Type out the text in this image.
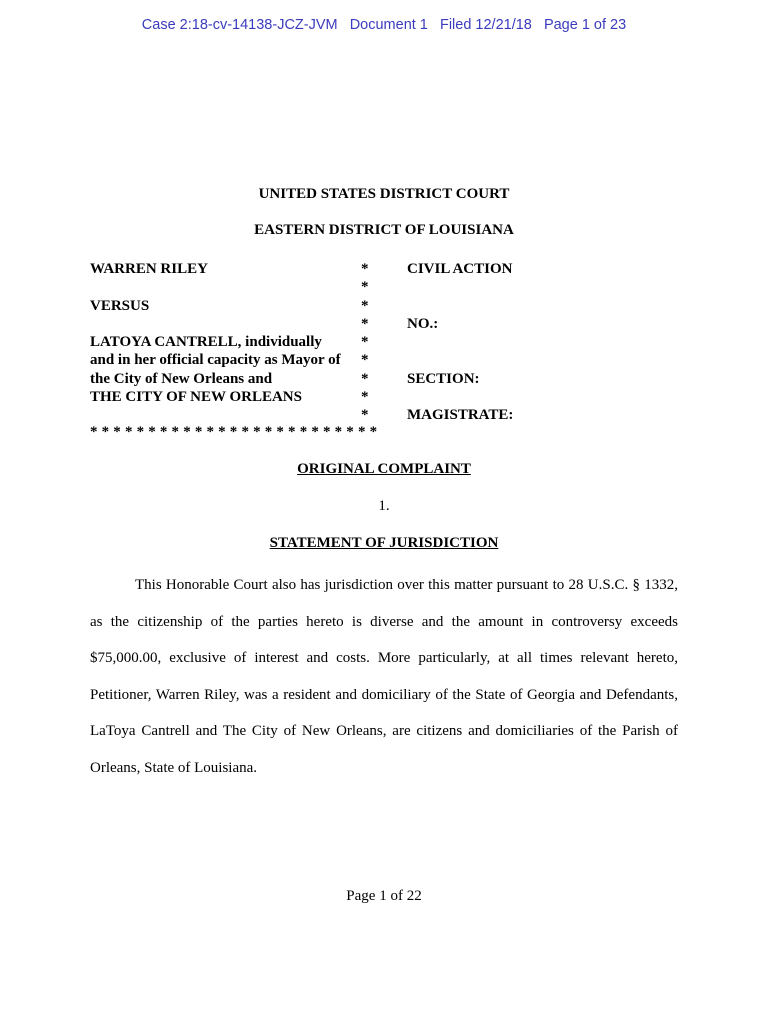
Case 2:18-cv-14138-JCZ-JVM   Document 1   Filed 12/21/18   Page 1 of 23
UNITED STATES DISTRICT COURT
EASTERN DISTRICT OF LOUISIANA
WARREN RILEY
VERSUS
LATOYA CANTRELL, individually
and in her official capacity as Mayor of
the City of New Orleans and
THE CITY OF NEW ORLEANS
*
*
*
*
*
*
*
*
*
CIVIL ACTION
NO.:
SECTION:
MAGISTRATE:
* * * * * * * * * * * * * * * * * * * * * * * * *
ORIGINAL COMPLAINT
1.
STATEMENT OF JURISDICTION
This Honorable Court also has jurisdiction over this matter pursuant to 28 U.S.C. § 1332, as the citizenship of the parties hereto is diverse and the amount in controversy exceeds $75,000.00, exclusive of interest and costs. More particularly, at all times relevant hereto, Petitioner, Warren Riley, was a resident and domiciliary of the State of Georgia and Defendants, LaToya Cantrell and The City of New Orleans, are citizens and domiciliaries of the Parish of Orleans, State of Louisiana.
Page 1 of 22
